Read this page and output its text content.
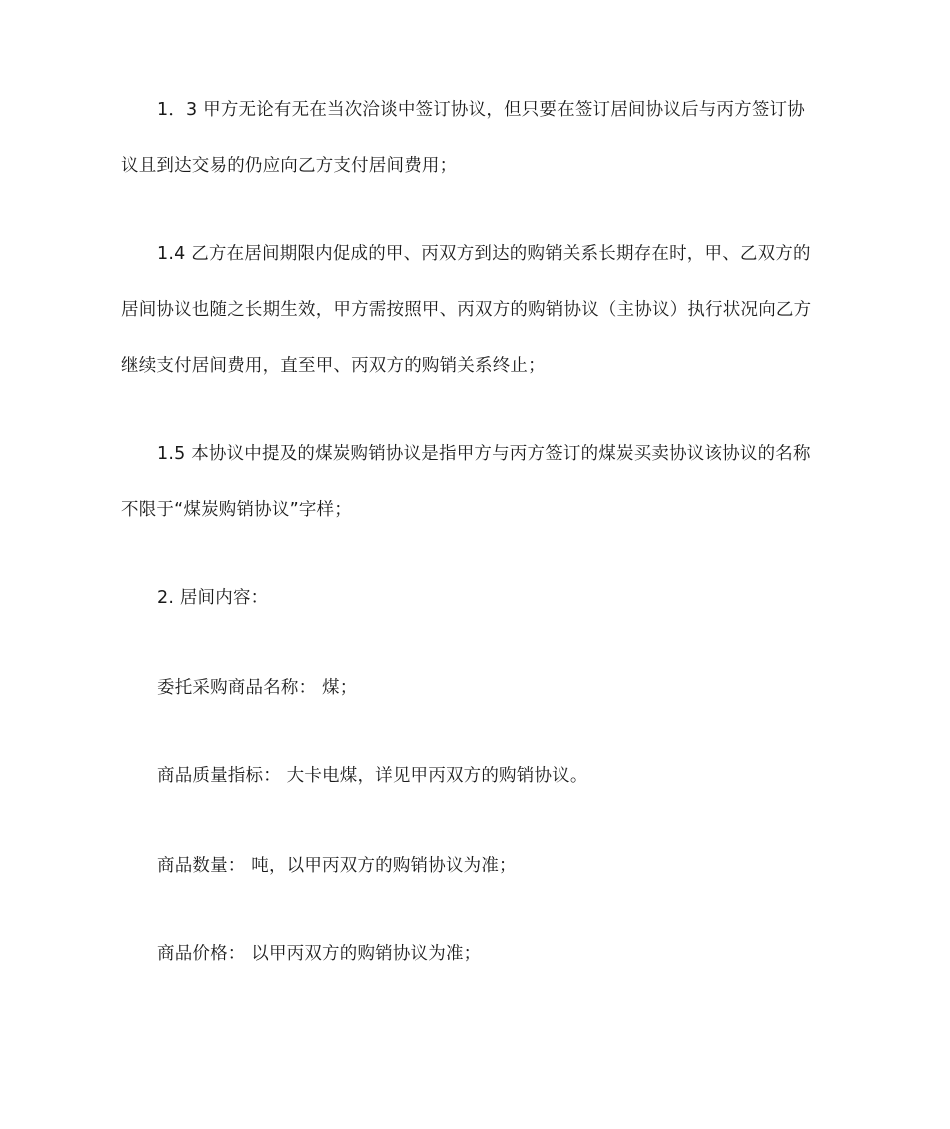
1．3 甲方无论有无在当次洽谈中签订协议，但只要在签订居间协议后与丙方签订协
议且到达交易的仍应向乙方支付居间费用；
1.4 乙方在居间期限内促成的甲、丙双方到达的购销关系长期存在时，甲、乙双方的
居间协议也随之长期生效，甲方需按照甲、丙双方的购销协议（主协议）执行状况向乙方
继续支付居间费用，直至甲、丙双方的购销关系终止；
1.5 本协议中提及的煤炭购销协议是指甲方与丙方签订的煤炭买卖协议该协议的名称
不限于“煤炭购销协议”字样；
2. 居间内容：
委托采购商品名称： 煤；
商品质量指标： 大卡电煤，详见甲丙双方的购销协议。
商品数量： 吨，以甲丙双方的购销协议为准；
商品价格： 以甲丙双方的购销协议为准；
